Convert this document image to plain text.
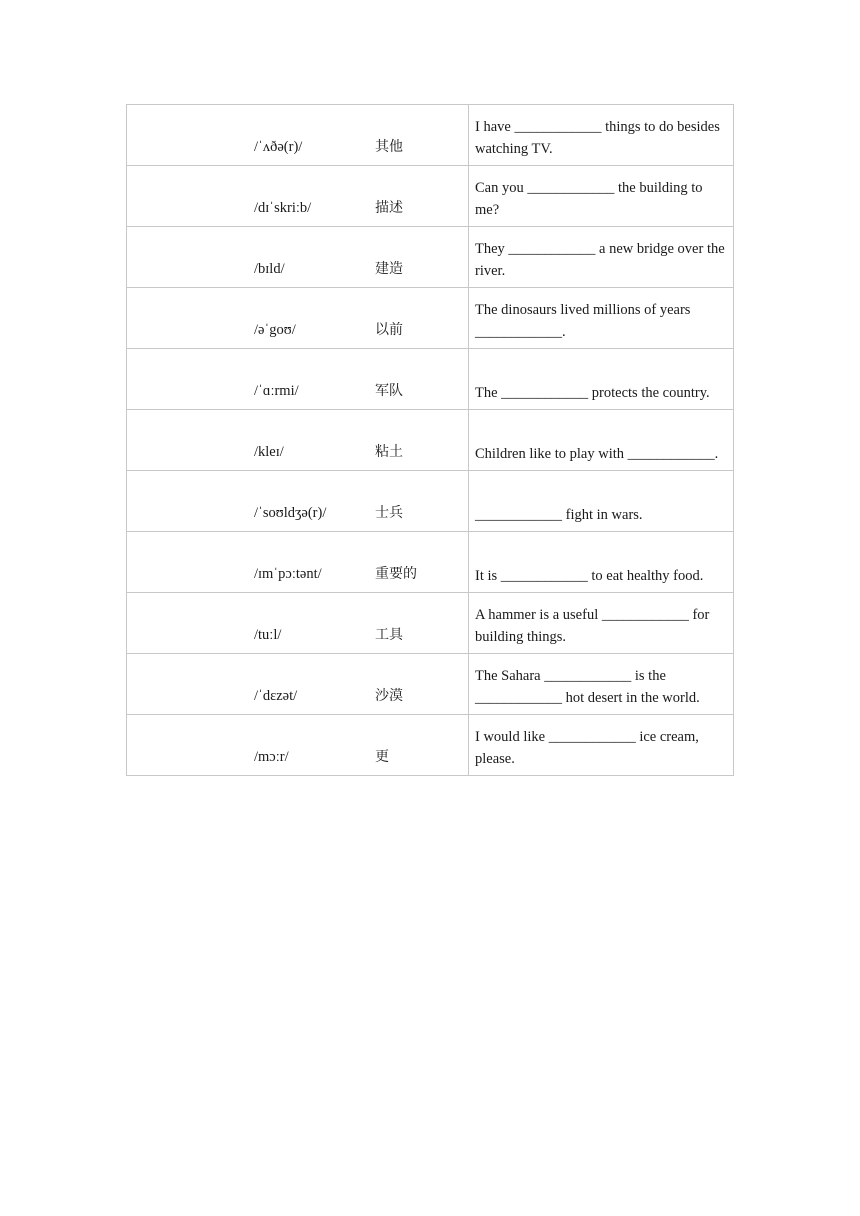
	/ˈʌðə(r)/	其他	I have ____________ things to do besides watching TV.

	/dɪˈskriːb/	描述	Can you ____________ the building to me?

	/bɪld/	建造	They ____________ a new bridge over the river.

	/əˈgoʊ/	以前	The dinosaurs lived millions of years ____________.

	/ˈɑːrmi/	军队	The ____________ protects the country.

	/kleɪ/	粘土	Children like to play with ____________.

	/ˈsoʊldʒə(r)/	士兵	____________ fight in wars.

	/ɪmˈpɔːtənt/	重要的	It is ____________ to eat healthy food.

	/tuːl/	工具	A hammer is a useful ____________ for building things.

	/ˈdɛzət/	沙漠	The Sahara ____________ is the ____________ hot desert in the world.

	/mɔːr/	更	I would like ____________ ice cream, please.
